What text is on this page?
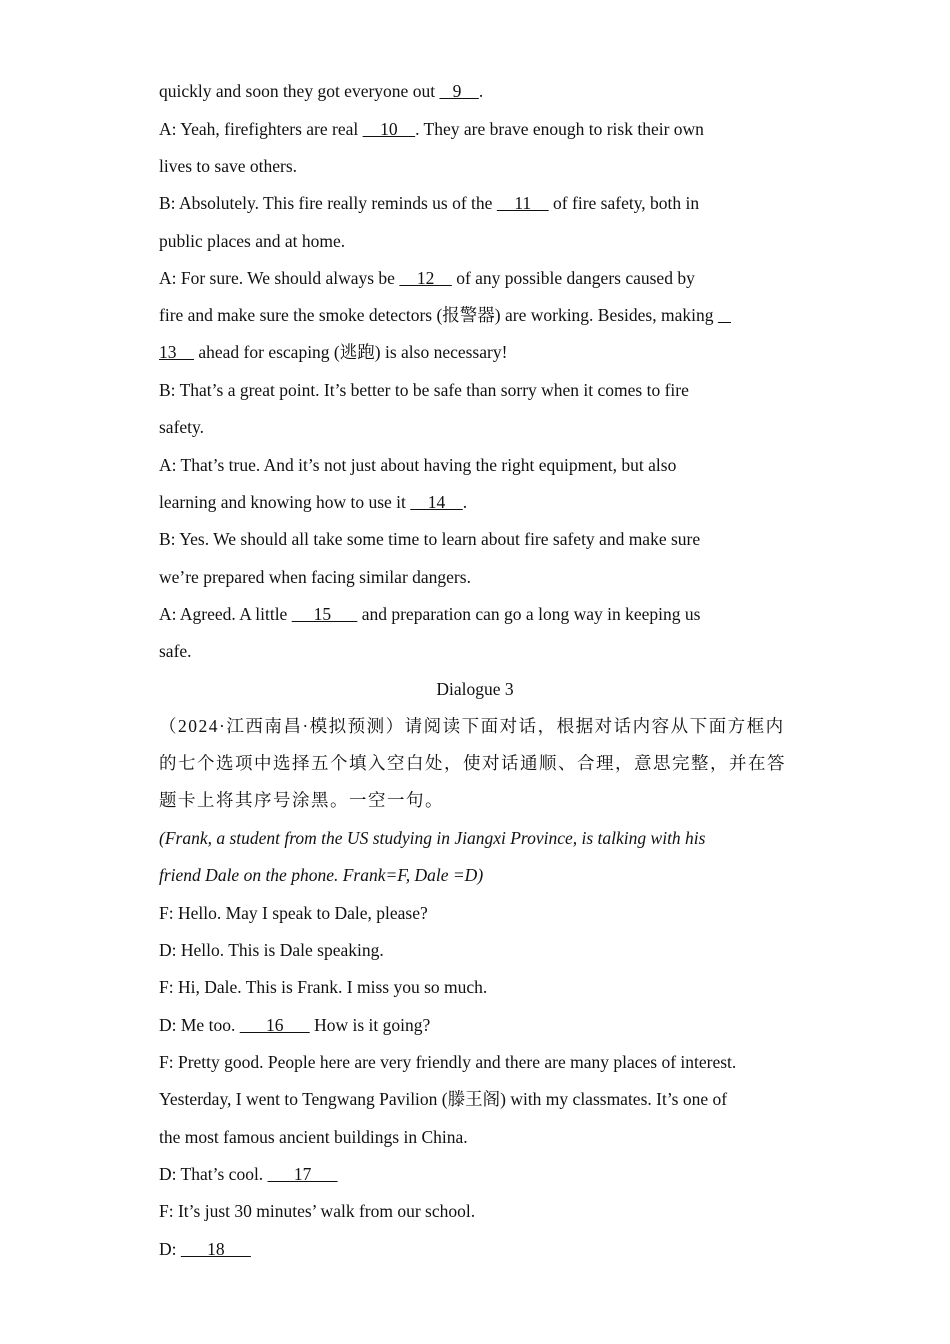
quickly and soon they got everyone out    9    .
A: Yeah, firefighters are real     10    . They are brave enough to risk their own
lives to save others.
B: Absolutely. This fire really reminds us of the     11     of fire safety, both in
public places and at home.
A: For sure. We should always be     12     of any possible dangers caused by
fire and make sure the smoke detectors (报警器) are working. Besides, making
13     ahead for escaping (逃跑) is also necessary!
B: That’s a great point. It’s better to be safe than sorry when it comes to fire
safety.
A: That’s true. And it’s not just about having the right equipment, but also
learning and knowing how to use it     14    .
B: Yes. We should all take some time to learn about fire safety and make sure
we’re prepared when facing similar dangers.
A: Agreed. A little      15       and preparation can go a long way in keeping us
safe.
Dialogue 3
（2024·江西南昌·模拟预测）请阅读下面对话，根据对话内容从下面方框内
的七个选项中选择五个填入空白处，使对话通顺、合理，意思完整，并在答
题卡上将其序号涂黑。一空一句。
(Frank, a student from the US studying in Jiangxi Province, is talking with his
friend Dale on the phone. Frank=F, Dale =D)
F: Hello. May I speak to Dale, please?
D: Hello. This is Dale speaking.
F: Hi, Dale. This is Frank. I miss you so much.
D: Me too.       16       How is it going?
F: Pretty good. People here are very friendly and there are many places of interest.
Yesterday, I went to Tengwang Pavilion (滕王阁) with my classmates. It’s one of
the most famous ancient buildings in China.
D: That’s cool.       17
F: It’s just 30 minutes’ walk from our school.
D:       18
